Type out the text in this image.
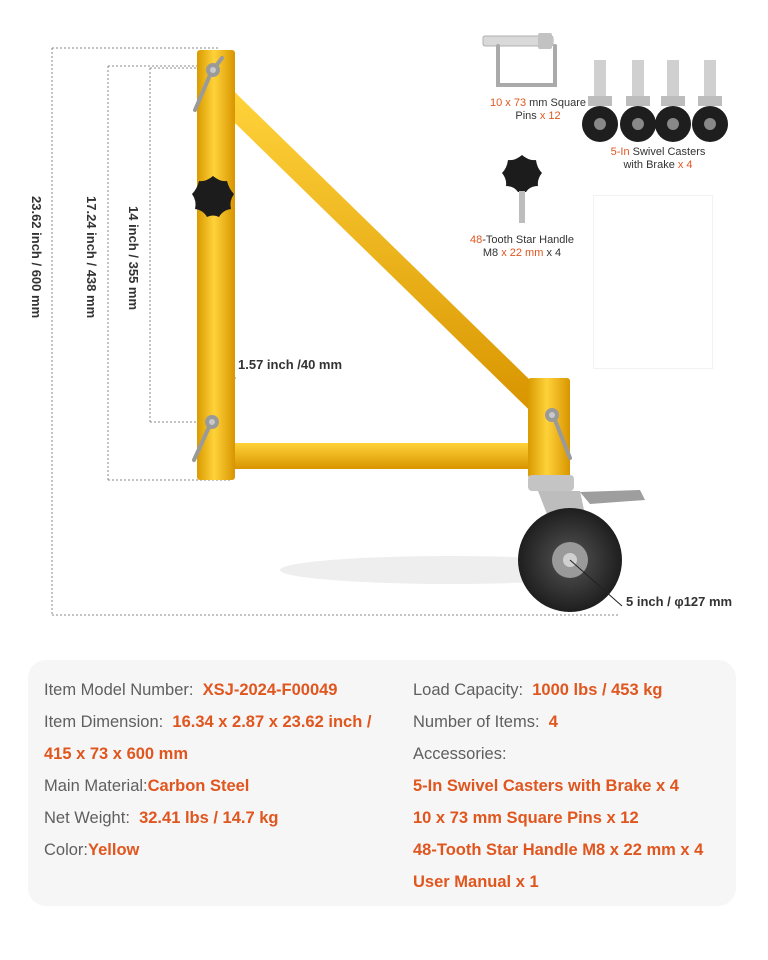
23.62 inch / 600 mm	17.24 inch / 438 mm 14 inch / 355 mm
1.57 inch /40 mm
5 inch / φ127 mm
10 x 73 mm Square
Pins x 12
5-In Swivel Casters
with Brake x 4
48-Tooth Star Handle
M8 x 22 mm x 4
Item Model Number: XSJ-2024-F00049
Item Dimension: 16.34 x 2.87 x 23.62 inch /
415 x 73 x 600 mm
Main Material:Carbon Steel
Net Weight: 32.41 lbs / 14.7 kg
Color:Yellow
Load Capacity: 1000 lbs / 453 kg
Number of Items: 4
Accessories:
5-In Swivel Casters with Brake x 4
10 x 73 mm Square Pins x 12
48-Tooth Star Handle M8 x 22 mm x 4
User Manual x 1
